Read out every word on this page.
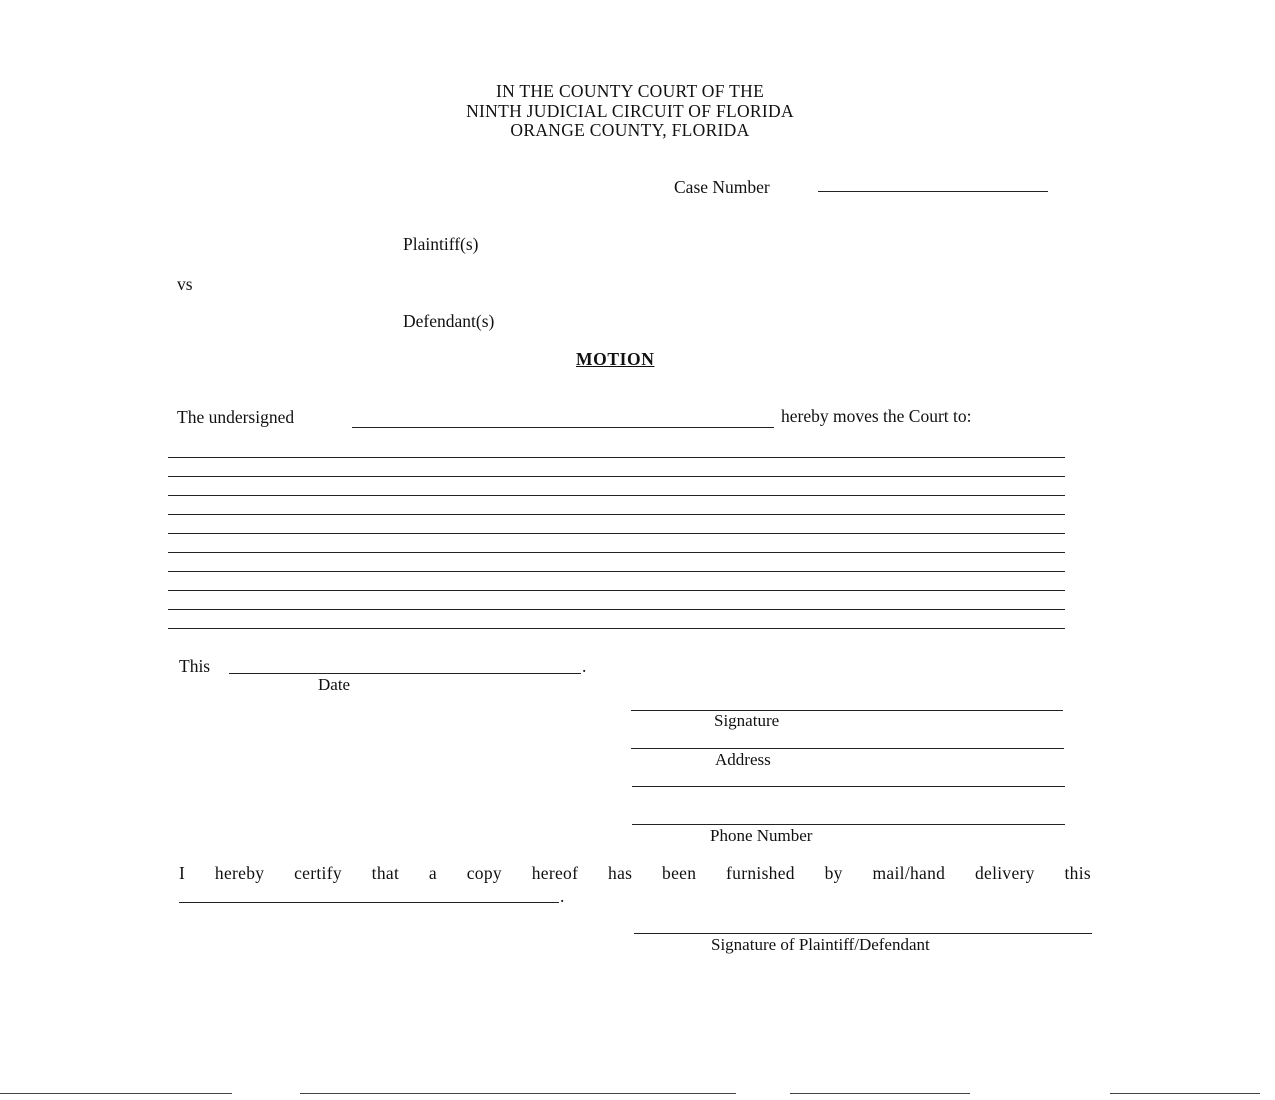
IN THE COUNTY COURT OF THE
NINTH JUDICIAL CIRCUIT OF FLORIDA
ORANGE COUNTY, FLORIDA
Case Number
Plaintiff(s)
vs
Defendant(s)
MOTION
The undersigned	hereby moves the Court to:
This	.
Date
Signature
Address
Phone Number
I hereby certify that a copy hereof has been furnished by mail/hand delivery this
.
Signature of Plaintiff/Defendant
